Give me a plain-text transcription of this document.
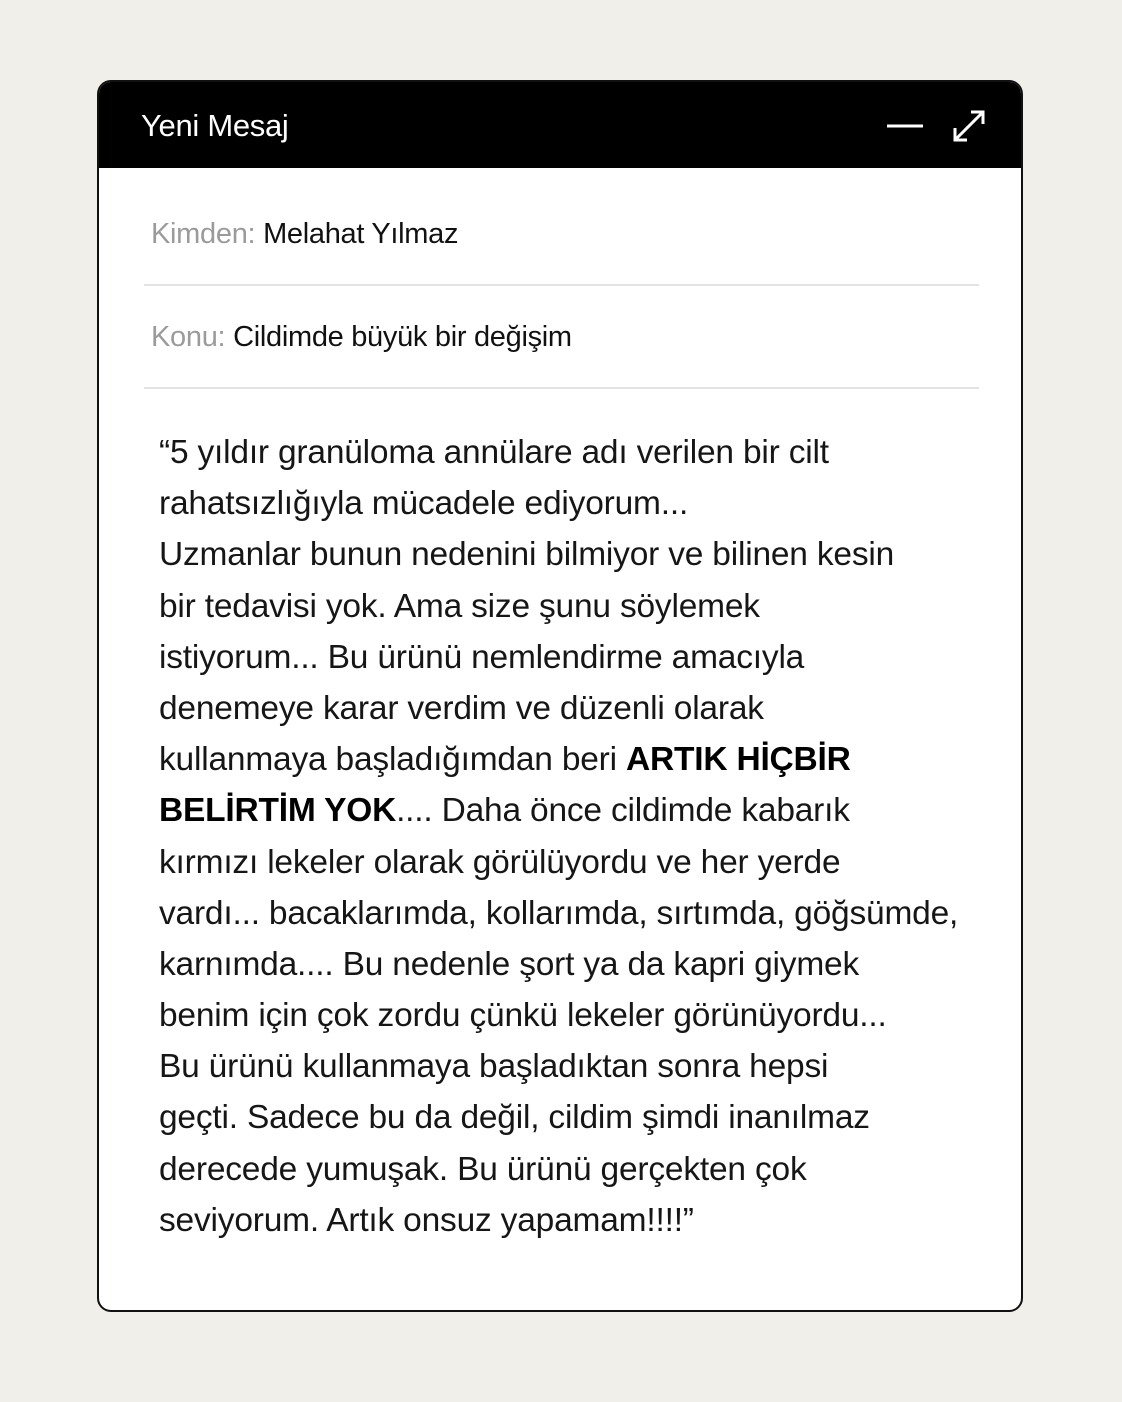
Yeni Mesaj
Kimden: Melahat Yılmaz
Konu: Cildimde büyük bir değişim
“5 yıldır granüloma annülare adı verilen bir cilt
rahatsızlığıyla mücadele ediyorum...
Uzmanlar bunun nedenini bilmiyor ve bilinen kesin
bir tedavisi yok. Ama size şunu söylemek
istiyorum... Bu ürünü nemlendirme amacıyla
denemeye karar verdim ve düzenli olarak
kullanmaya başladığımdan beri ARTIK HİÇBİR
BELİRTİM YOK.... Daha önce cildimde kabarık
kırmızı lekeler olarak görülüyordu ve her yerde
vardı... bacaklarımda, kollarımda, sırtımda, göğsümde,
karnımda.... Bu nedenle şort ya da kapri giymek
benim için çok zordu çünkü lekeler görünüyordu...
Bu ürünü kullanmaya başladıktan sonra hepsi
geçti. Sadece bu da değil, cildim şimdi inanılmaz
derecede yumuşak. Bu ürünü gerçekten çok
seviyorum. Artık onsuz yapamam!!!!”
